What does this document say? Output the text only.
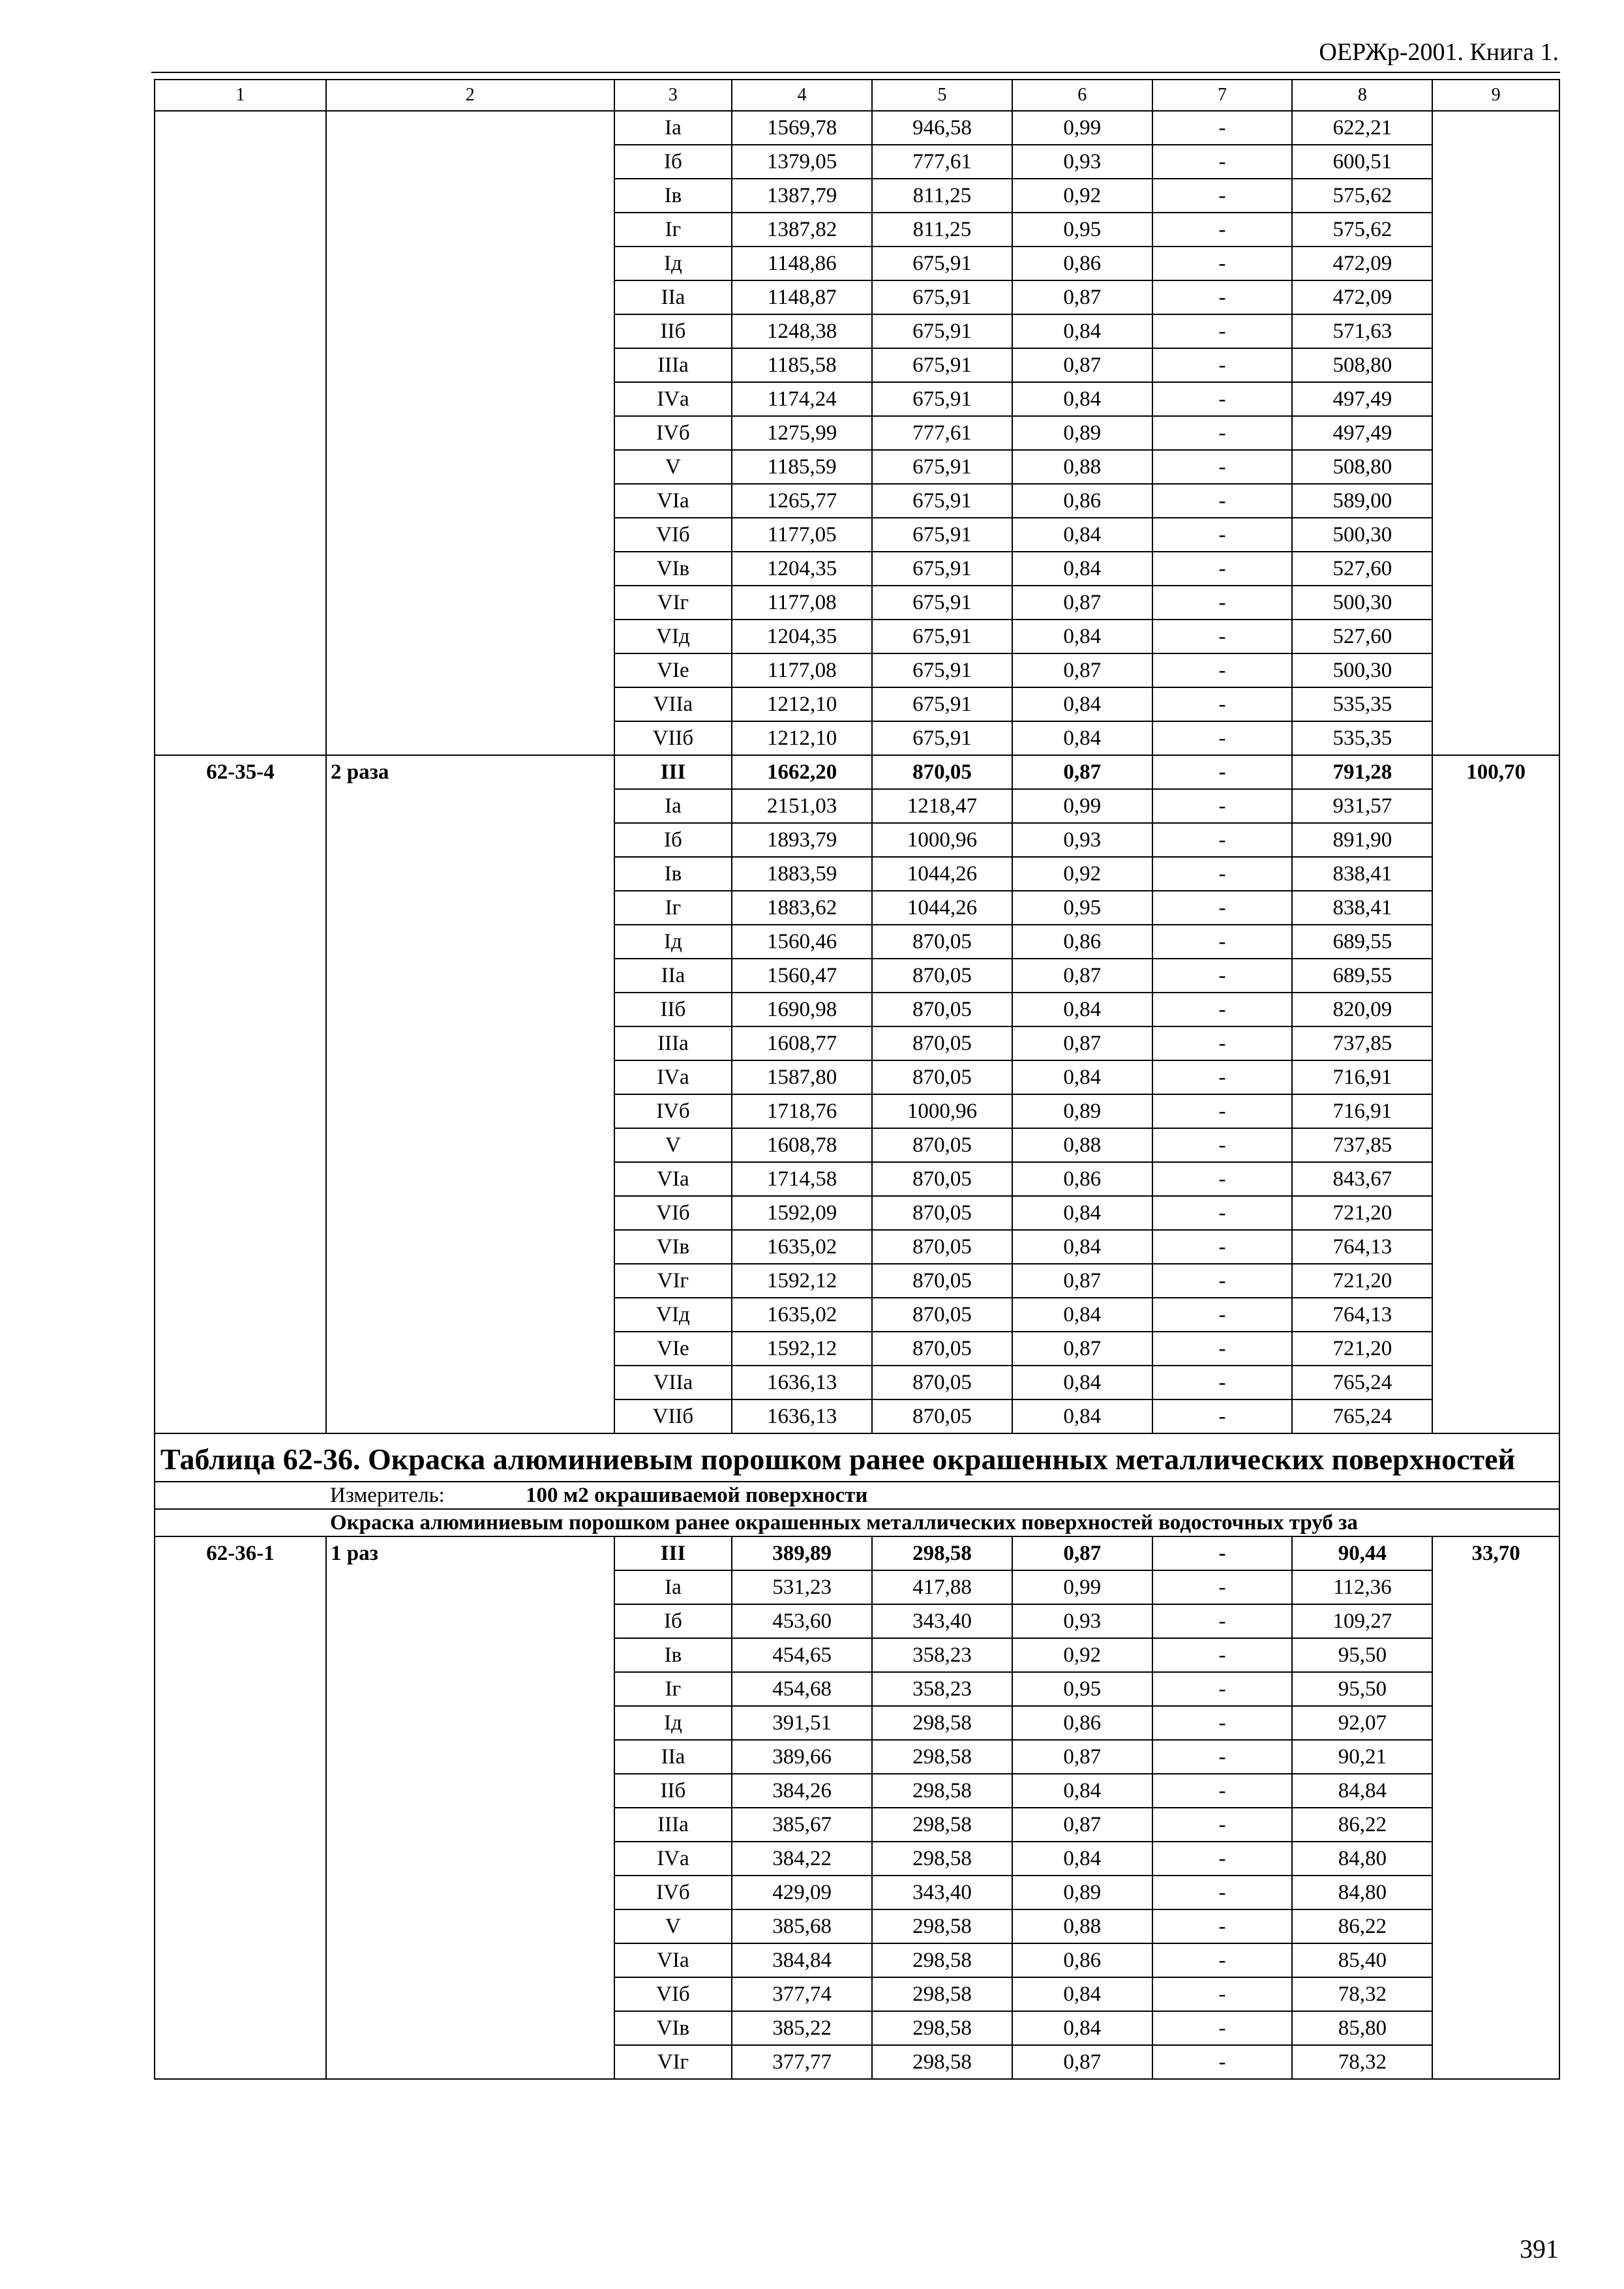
ОЕРЖр-2001. Книга 1.
1	2	3	4	5	6	7	8	9
		Iа	1569,78	946,58	0,99	-	622,21	
		Iб	1379,05	777,61	0,93	-	600,51	
		Iв	1387,79	811,25	0,92	-	575,62	
		Iг	1387,82	811,25	0,95	-	575,62	
		Iд	1148,86	675,91	0,86	-	472,09	
		IIа	1148,87	675,91	0,87	-	472,09	
		IIб	1248,38	675,91	0,84	-	571,63	
		IIIа	1185,58	675,91	0,87	-	508,80	
		IVа	1174,24	675,91	0,84	-	497,49	
		IVб	1275,99	777,61	0,89	-	497,49	
		V	1185,59	675,91	0,88	-	508,80	
		VIа	1265,77	675,91	0,86	-	589,00	
		VIб	1177,05	675,91	0,84	-	500,30	
		VIв	1204,35	675,91	0,84	-	527,60	
		VIг	1177,08	675,91	0,87	-	500,30	
		VIд	1204,35	675,91	0,84	-	527,60	
		VIе	1177,08	675,91	0,87	-	500,30	
		VIIа	1212,10	675,91	0,84	-	535,35	
		VIIб	1212,10	675,91	0,84	-	535,35	
62-35-4	2 раза	III	1662,20	870,05	0,87	-	791,28	100,70
		Iа	2151,03	1218,47	0,99	-	931,57	
		Iб	1893,79	1000,96	0,93	-	891,90	
		Iв	1883,59	1044,26	0,92	-	838,41	
		Iг	1883,62	1044,26	0,95	-	838,41	
		Iд	1560,46	870,05	0,86	-	689,55	
		IIа	1560,47	870,05	0,87	-	689,55	
		IIб	1690,98	870,05	0,84	-	820,09	
		IIIа	1608,77	870,05	0,87	-	737,85	
		IVа	1587,80	870,05	0,84	-	716,91	
		IVб	1718,76	1000,96	0,89	-	716,91	
		V	1608,78	870,05	0,88	-	737,85	
		VIа	1714,58	870,05	0,86	-	843,67	
		VIб	1592,09	870,05	0,84	-	721,20	
		VIв	1635,02	870,05	0,84	-	764,13	
		VIг	1592,12	870,05	0,87	-	721,20	
		VIд	1635,02	870,05	0,84	-	764,13	
		VIе	1592,12	870,05	0,87	-	721,20	
		VIIа	1636,13	870,05	0,84	-	765,24	
		VIIб	1636,13	870,05	0,84	-	765,24	
Таблица 62-36. Окраска алюминиевым порошком ранее окрашенных металлических поверхностей								
Измеритель: 100 м2 окрашиваемой поверхности								
Окраска алюминиевым порошком ранее окрашенных металлических поверхностей водосточных труб за								
62-36-1	1 раз	III	389,89	298,58	0,87	-	90,44	33,70
		Iа	531,23	417,88	0,99	-	112,36	
		Iб	453,60	343,40	0,93	-	109,27	
		Iв	454,65	358,23	0,92	-	95,50	
		Iг	454,68	358,23	0,95	-	95,50	
		Iд	391,51	298,58	0,86	-	92,07	
		IIа	389,66	298,58	0,87	-	90,21	
		IIб	384,26	298,58	0,84	-	84,84	
		IIIа	385,67	298,58	0,87	-	86,22	
		IVа	384,22	298,58	0,84	-	84,80	
		IVб	429,09	343,40	0,89	-	84,80	
		V	385,68	298,58	0,88	-	86,22	
		VIа	384,84	298,58	0,86	-	85,40	
		VIб	377,74	298,58	0,84	-	78,32	
		VIв	385,22	298,58	0,84	-	85,80	
		VIг	377,77	298,58	0,87	-	78,32	
391
